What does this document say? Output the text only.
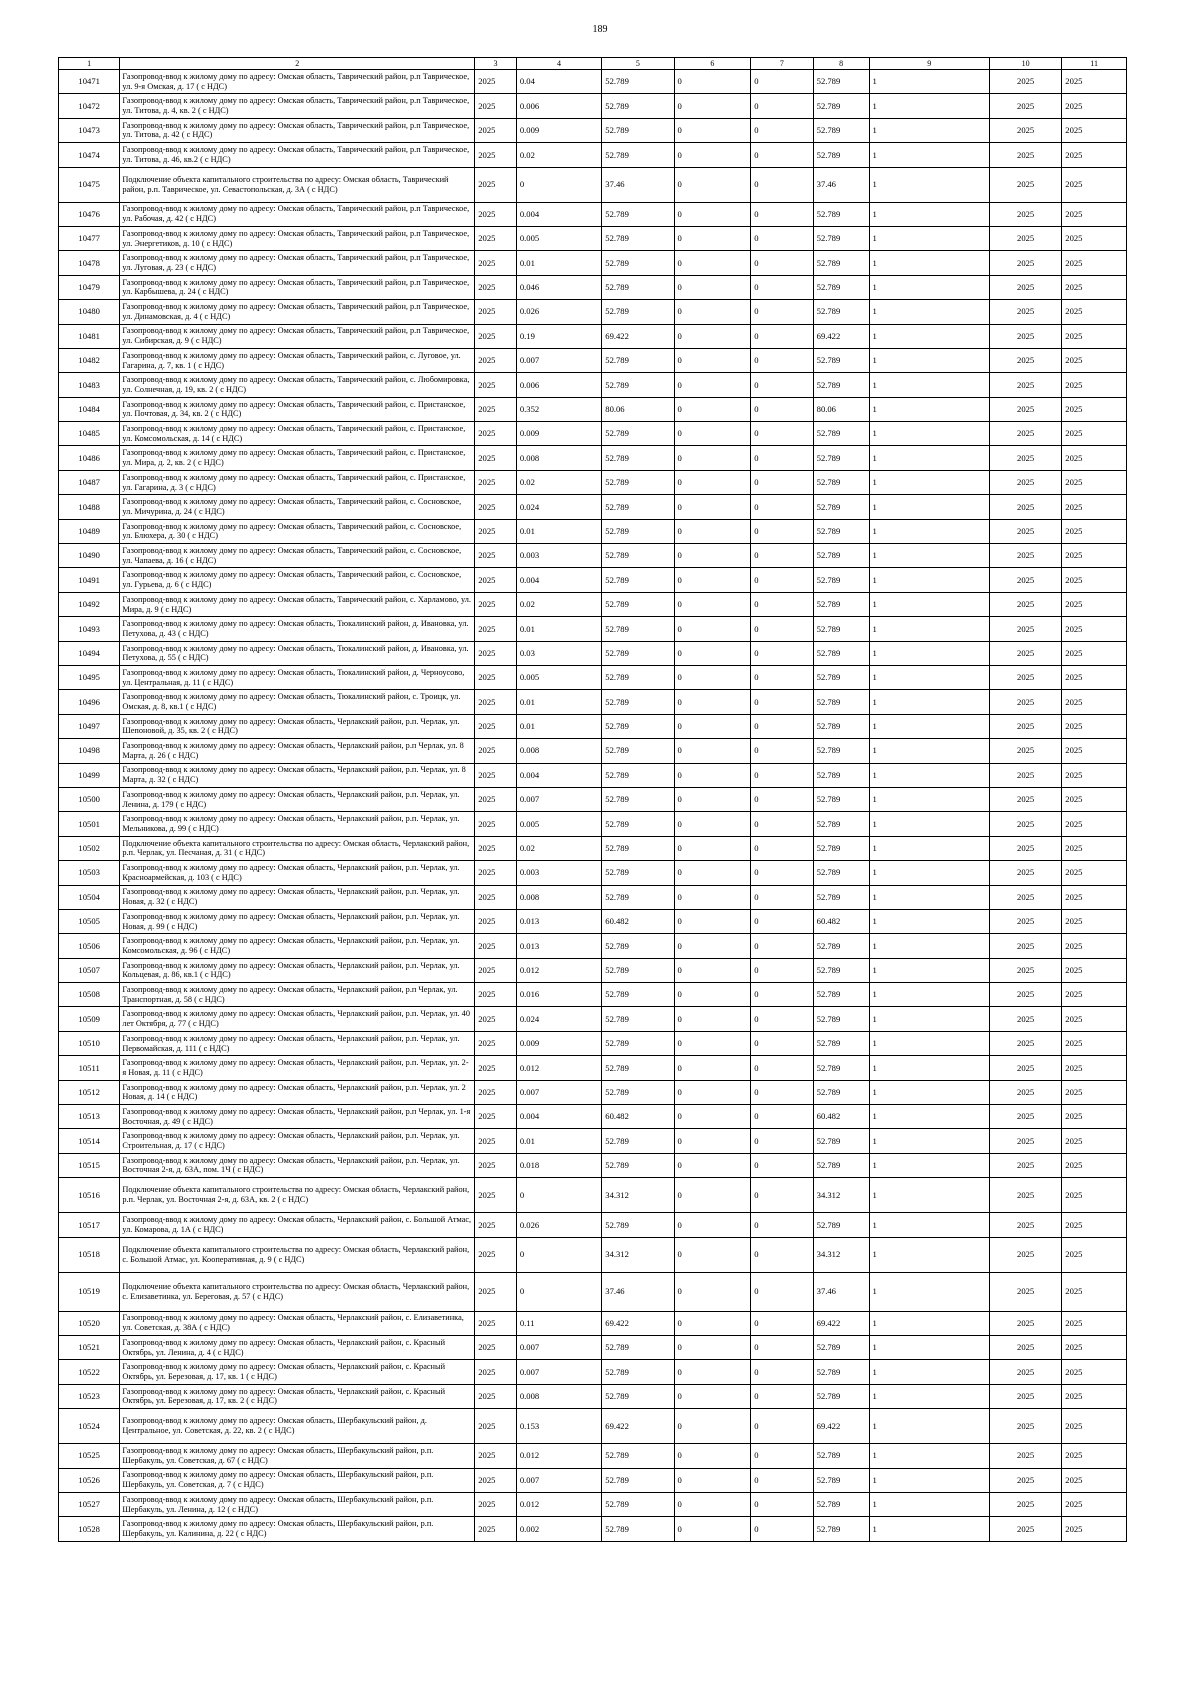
189
1	2	3	4	5	6	7	8	9	10	11
10471	Газопровод-ввод к жилому дому по адресу: Омская область, Таврический район, р.п Таврическое, ул. 9-я Омская, д. 17 ( с НДС)	2025	0.04	52.789	0	0	52.789	1	2025	2025
10472	Газопровод-ввод к жилому дому по адресу: Омская область, Таврический район, р.п Таврическое, ул. Титова, д. 4, кв. 2 ( с НДС)	2025	0.006	52.789	0	0	52.789	1	2025	2025
10473	Газопровод-ввод к жилому дому по адресу: Омская область, Таврический район, р.п Таврическое, ул. Титова, д. 42 ( с НДС)	2025	0.009	52.789	0	0	52.789	1	2025	2025
10474	Газопровод-ввод к жилому дому по адресу: Омская область, Таврический район, р.п Таврическое, ул. Титова, д. 46, кв.2 ( с НДС)	2025	0.02	52.789	0	0	52.789	1	2025	2025
10475	Подключение объекта капитального строительства по адресу: Омская область, Таврический район, р.п. Таврическое, ул. Севастопольская, д. 3А ( с НДС)	2025	0	37.46	0	0	37.46	1	2025	2025
10476	Газопровод-ввод к жилому дому по адресу: Омская область, Таврический район, р.п Таврическое, ул. Рабочая, д. 42 ( с НДС)	2025	0.004	52.789	0	0	52.789	1	2025	2025
10477	Газопровод-ввод к жилому дому по адресу: Омская область, Таврический район, р.п Таврическое, ул. Энергетиков, д. 10 ( с НДС)	2025	0.005	52.789	0	0	52.789	1	2025	2025
10478	Газопровод-ввод к жилому дому по адресу: Омская область, Таврический район, р.п Таврическое, ул. Луговая, д. 23 ( с НДС)	2025	0.01	52.789	0	0	52.789	1	2025	2025
10479	Газопровод-ввод к жилому дому по адресу: Омская область, Таврический район, р.п Таврическое, ул. Карбышева, д. 24 ( с НДС)	2025	0.046	52.789	0	0	52.789	1	2025	2025
10480	Газопровод-ввод к жилому дому по адресу: Омская область, Таврический район, р.п Таврическое, ул. Динамовская, д. 4 ( с НДС)	2025	0.026	52.789	0	0	52.789	1	2025	2025
10481	Газопровод-ввод к жилому дому по адресу: Омская область, Таврический район, р.п Таврическое, ул. Сибирская, д. 9 ( с НДС)	2025	0.19	69.422	0	0	69.422	1	2025	2025
10482	Газопровод-ввод к жилому дому по адресу: Омская область, Таврический район, с. Луговое, ул. Гагарина, д. 7, кв. 1 ( с НДС)	2025	0.007	52.789	0	0	52.789	1	2025	2025
10483	Газопровод-ввод к жилому дому по адресу: Омская область, Таврический район, с. Любомировка, ул. Солнечная, д. 19, кв. 2 ( с НДС)	2025	0.006	52.789	0	0	52.789	1	2025	2025
10484	Газопровод-ввод к жилому дому по адресу: Омская область, Таврический район, с. Пристанское, ул. Почтовая, д. 34, кв. 2 ( с НДС)	2025	0.352	80.06	0	0	80.06	1	2025	2025
10485	Газопровод-ввод к жилому дому по адресу: Омская область, Таврический район, с. Пристанское, ул. Комсомольская, д. 14 ( с НДС)	2025	0.009	52.789	0	0	52.789	1	2025	2025
10486	Газопровод-ввод к жилому дому по адресу: Омская область, Таврический район, с. Пристанское, ул. Мира, д. 2, кв. 2 ( с НДС)	2025	0.008	52.789	0	0	52.789	1	2025	2025
10487	Газопровод-ввод к жилому дому по адресу: Омская область, Таврический район, с. Пристанское, ул. Гагарина, д. 3 ( с НДС)	2025	0.02	52.789	0	0	52.789	1	2025	2025
10488	Газопровод-ввод к жилому дому по адресу: Омская область, Таврический район, с. Сосновское, ул. Мичурина, д. 24 ( с НДС)	2025	0.024	52.789	0	0	52.789	1	2025	2025
10489	Газопровод-ввод к жилому дому по адресу: Омская область, Таврический район, с. Сосновское, ул. Блюхера, д. 30 ( с НДС)	2025	0.01	52.789	0	0	52.789	1	2025	2025
10490	Газопровод-ввод к жилому дому по адресу: Омская область, Таврический район, с. Сосновское, ул. Чапаева, д. 16 ( с НДС)	2025	0.003	52.789	0	0	52.789	1	2025	2025
10491	Газопровод-ввод к жилому дому по адресу: Омская область, Таврический район, с. Сосновское, ул. Гурьева, д. 6 ( с НДС)	2025	0.004	52.789	0	0	52.789	1	2025	2025
10492	Газопровод-ввод к жилому дому по адресу: Омская область, Таврический район, с. Харламово, ул. Мира, д. 9 ( с НДС)	2025	0.02	52.789	0	0	52.789	1	2025	2025
10493	Газопровод-ввод к жилому дому по адресу: Омская область, Тюкалинский район, д. Ивановка, ул. Петухова, д. 43 ( с НДС)	2025	0.01	52.789	0	0	52.789	1	2025	2025
10494	Газопровод-ввод к жилому дому по адресу: Омская область, Тюкалинский район, д. Ивановка, ул. Петухова, д. 55 ( с НДС)	2025	0.03	52.789	0	0	52.789	1	2025	2025
10495	Газопровод-ввод к жилому дому по адресу: Омская область, Тюкалинский район, д. Черноусово, ул. Центральная, д. 11 ( с НДС)	2025	0.005	52.789	0	0	52.789	1	2025	2025
10496	Газопровод-ввод к жилому дому по адресу: Омская область, Тюкалинский район, с. Троицк, ул. Омская, д. 8, кв.1 ( с НДС)	2025	0.01	52.789	0	0	52.789	1	2025	2025
10497	Газопровод-ввод к жилому дому по адресу: Омская область, Черлакский район, р.п. Черлак, ул. Шепоновой, д. 35, кв. 2 ( с НДС)	2025	0.01	52.789	0	0	52.789	1	2025	2025
10498	Газопровод-ввод к жилому дому по адресу: Омская область, Черлакский район, р.п Черлак, ул. 8 Марта, д. 26 ( с НДС)	2025	0.008	52.789	0	0	52.789	1	2025	2025
10499	Газопровод-ввод к жилому дому по адресу: Омская область, Черлакский район, р.п. Черлак, ул. 8 Марта, д. 32 ( с НДС)	2025	0.004	52.789	0	0	52.789	1	2025	2025
10500	Газопровод-ввод к жилому дому по адресу: Омская область, Черлакский район, р.п. Черлак, ул. Ленина, д. 179 ( с НДС)	2025	0.007	52.789	0	0	52.789	1	2025	2025
10501	Газопровод-ввод к жилому дому по адресу: Омская область, Черлакский район, р.п. Черлак, ул. Мельникова, д. 99 ( с НДС)	2025	0.005	52.789	0	0	52.789	1	2025	2025
10502	Подключение объекта капитального строительства по адресу: Омская область, Черлакский район, р.п. Черлак, ул. Песчаная, д. 31 ( с НДС)	2025	0.02	52.789	0	0	52.789	1	2025	2025
10503	Газопровод-ввод к жилому дому по адресу: Омская область, Черлакский район, р.п. Черлак, ул. Красноармейская, д. 103 ( с НДС)	2025	0.003	52.789	0	0	52.789	1	2025	2025
10504	Газопровод-ввод к жилому дому по адресу: Омская область, Черлакский район, р.п. Черлак, ул. Новая, д. 32 ( с НДС)	2025	0.008	52.789	0	0	52.789	1	2025	2025
10505	Газопровод-ввод к жилому дому по адресу: Омская область, Черлакский район, р.п. Черлак, ул. Новая, д. 99 ( с НДС)	2025	0.013	60.482	0	0	60.482	1	2025	2025
10506	Газопровод-ввод к жилому дому по адресу: Омская область, Черлакский район, р.п. Черлак, ул. Комсомольская, д. 96 ( с НДС)	2025	0.013	52.789	0	0	52.789	1	2025	2025
10507	Газопровод-ввод к жилому дому по адресу: Омская область, Черлакский район, р.п. Черлак, ул. Кольцевая, д. 86, кв.1 ( с НДС)	2025	0.012	52.789	0	0	52.789	1	2025	2025
10508	Газопровод-ввод к жилому дому по адресу: Омская область, Черлакский район, р.п Черлак, ул. Транспортная, д. 58 ( с НДС)	2025	0.016	52.789	0	0	52.789	1	2025	2025
10509	Газопровод-ввод к жилому дому по адресу: Омская область, Черлакский район, р.п. Черлак, ул. 40 лет Октября, д. 77 ( с НДС)	2025	0.024	52.789	0	0	52.789	1	2025	2025
10510	Газопровод-ввод к жилому дому по адресу: Омская область, Черлакский район, р.п. Черлак, ул. Первомайская, д. 111 ( с НДС)	2025	0.009	52.789	0	0	52.789	1	2025	2025
10511	Газопровод-ввод к жилому дому по адресу: Омская область, Черлакский район, р.п. Черлак, ул. 2-я Новая, д. 11 ( с НДС)	2025	0.012	52.789	0	0	52.789	1	2025	2025
10512	Газопровод-ввод к жилому дому по адресу: Омская область, Черлакский район, р.п. Черлак, ул. 2 Новая, д. 14 ( с НДС)	2025	0.007	52.789	0	0	52.789	1	2025	2025
10513	Газопровод-ввод к жилому дому по адресу: Омская область, Черлакский район, р.п Черлак, ул. 1-я Восточная, д. 49 ( с НДС)	2025	0.004	60.482	0	0	60.482	1	2025	2025
10514	Газопровод-ввод к жилому дому по адресу: Омская область, Черлакский район, р.п. Черлак, ул. Строительная, д. 17 ( с НДС)	2025	0.01	52.789	0	0	52.789	1	2025	2025
10515	Газопровод-ввод к жилому дому по адресу: Омская область, Черлакский район, р.п. Черлак, ул. Восточная 2-я, д. 63А, пом. 1Ч ( с НДС)	2025	0.018	52.789	0	0	52.789	1	2025	2025
10516	Подключение объекта капитального строительства по адресу: Омская область, Черлакский район, р.п. Черлак, ул. Восточная 2-я, д. 63А, кв. 2 ( с НДС)	2025	0	34.312	0	0	34.312	1	2025	2025
10517	Газопровод-ввод к жилому дому по адресу: Омская область, Черлакский район, с. Большой Атмас, ул. Комарова, д. 1А ( с НДС)	2025	0.026	52.789	0	0	52.789	1	2025	2025
10518	Подключение объекта капитального строительства по адресу: Омская область, Черлакский район, с. Большой Атмас, ул. Кооперативная, д. 9 ( с НДС)	2025	0	34.312	0	0	34.312	1	2025	2025
10519	Подключение объекта капитального строительства по адресу: Омская область, Черлакский район, с. Елизаветинка, ул. Береговая, д. 57 ( с НДС)	2025	0	37.46	0	0	37.46	1	2025	2025
10520	Газопровод-ввод к жилому дому по адресу: Омская область, Черлакский район, с. Елизаветинка, ул. Советская, д. 38А ( с НДС)	2025	0.11	69.422	0	0	69.422	1	2025	2025
10521	Газопровод-ввод к жилому дому по адресу: Омская область, Черлакский район, с. Красный Октябрь, ул. Ленина, д. 4 ( с НДС)	2025	0.007	52.789	0	0	52.789	1	2025	2025
10522	Газопровод-ввод к жилому дому по адресу: Омская область, Черлакский район, с. Красный Октябрь, ул. Березовая, д. 17, кв. 1 ( с НДС)	2025	0.007	52.789	0	0	52.789	1	2025	2025
10523	Газопровод-ввод к жилому дому по адресу: Омская область, Черлакский район, с. Красный Октябрь, ул. Березовая, д. 17, кв. 2 ( с НДС)	2025	0.008	52.789	0	0	52.789	1	2025	2025
10524	Газопровод-ввод к жилому дому по адресу: Омская область, Шербакульский район, д. Центральное, ул. Советская, д. 22, кв. 2 ( с НДС)	2025	0.153	69.422	0	0	69.422	1	2025	2025
10525	Газопровод-ввод к жилому дому по адресу: Омская область, Шербакульский район, р.п. Шербакуль, ул. Советская, д. 67 ( с НДС)	2025	0.012	52.789	0	0	52.789	1	2025	2025
10526	Газопровод-ввод к жилому дому по адресу: Омская область, Шербакульский район, р.п. Шербакуль, ул. Советская, д. 7 ( с НДС)	2025	0.007	52.789	0	0	52.789	1	2025	2025
10527	Газопровод-ввод к жилому дому по адресу: Омская область, Шербакульский район, р.п. Шербакуль, ул. Ленина, д. 12 ( с НДС)	2025	0.012	52.789	0	0	52.789	1	2025	2025
10528	Газопровод-ввод к жилому дому по адресу: Омская область, Шербакульский район, р.п. Шербакуль, ул. Калинина, д. 22 ( с НДС)	2025	0.002	52.789	0	0	52.789	1	2025	2025
